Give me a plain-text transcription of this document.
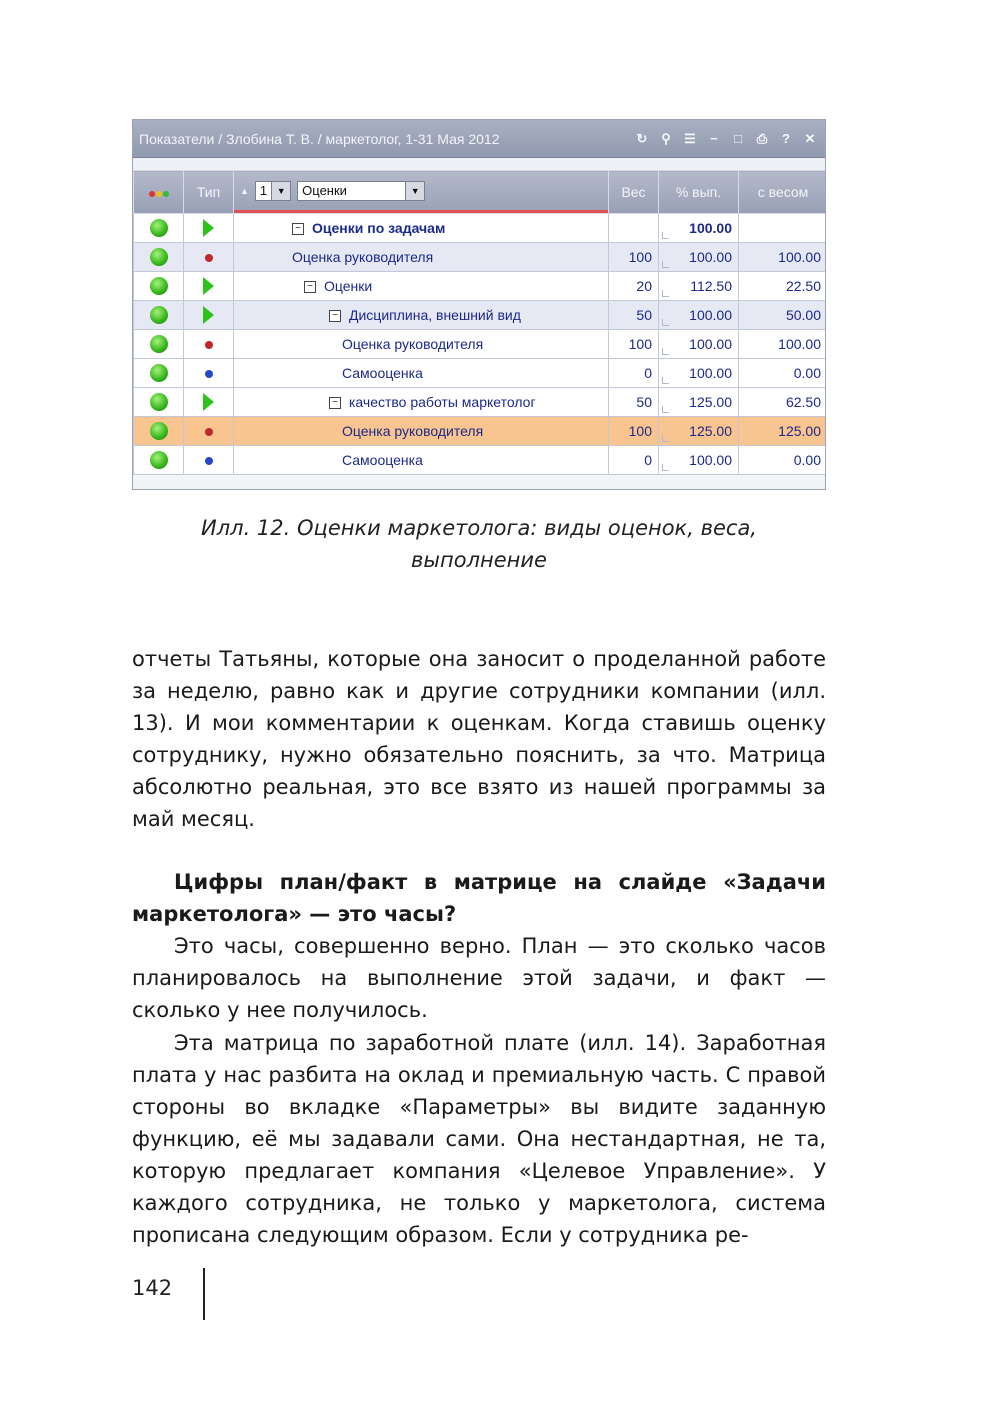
Показатели / Злобина Т. В. / маркетолог, 1-31 Мая 2012	↻ ⚲ ☰ − □ ⎙ ? ✕
	Тип	▲ 1 ▼ Оценки ▼	Вес	% вып.	с весом
		− Оценки по задачам		100.00	
		Оценка руководителя	100	100.00	100.00
		− Оценки	20	112.50	22.50
		− Дисциплина, внешний вид	50	100.00	50.00
		Оценка руководителя	100	100.00	100.00
		Самооценка	0	100.00	0.00
		− качество работы маркетолог	50	125.00	62.50
		Оценка руководителя	100	125.00	125.00
		Самооценка	0	100.00	0.00
Илл. 12. Оценки маркетолога: виды оценок, веса, выполнение

отчеты Татьяны, которые она заносит о проделанной работе за неделю, равно как и другие сотрудники компании (илл. 13). И мои комментарии к оценкам. Когда ставишь оценку сотруднику, нужно обязательно пояснить, за что. Матрица абсолютно реальная, это все взято из нашей программы за май месяц.

Цифры план/факт в матрице на слайде «Задачи маркетолога» — это часы?

Это часы, совершенно верно. План — это сколько часов планировалось на выполнение этой задачи, и факт — сколько у нее получилось.

Эта матрица по заработной плате (илл. 14). Заработная плата у нас разбита на оклад и премиальную часть. С правой стороны во вкладке «Параметры» вы видите заданную функцию, её мы задавали сами. Она нестандартная, не та, которую предлагает компания «Целевое Управление». У каждого сотрудника, не только у маркетолога, система прописана следующим образом. Если у сотрудника ре-

142
